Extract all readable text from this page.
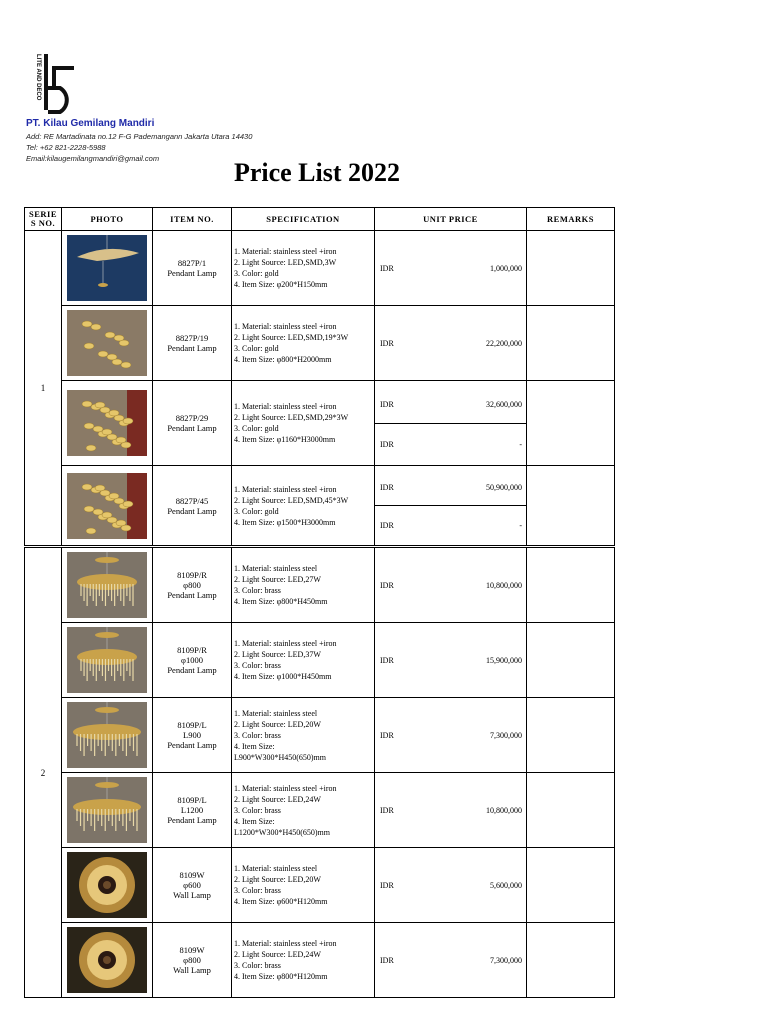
LITE AND DECO
PT. Kilau Gemilang Mandiri
Add: RE Martadinata no.12 F-G Pademangann Jakarta Utara 14430
Tel: +62 821-2228-5988
Email:kilaugemilangmandiri@gmail.com	Price List 2022
SERIE
S NO.	PHOTO	ITEM NO.	SPECIFICATION	UNIT PRICE	REMARKS
1		8827P/1
Pendant Lamp	1. Material: stainless steel +iron
2. Light Source: LED,SMD,3W
3. Color: gold
4. Item Size: φ200*H150mm	IDR 1,000,000	

8827P/19
Pendant Lamp	1. Material: stainless steel +iron
2. Light Source: LED,SMD,19*3W
3. Color: gold
4. Item Size: φ800*H2000mm	IDR 22,200,000	

8827P/29
Pendant Lamp	1. Material: stainless steel +iron
2. Light Source: LED,SMD,29*3W
3. Color: gold
4. Item Size: φ1160*H3000mm	IDR 32,600,000	

				IDR -	

8827P/45
Pendant Lamp	1. Material: stainless steel +iron
2. Light Source: LED,SMD,45*3W
3. Color: gold
4. Item Size: φ1500*H3000mm	IDR 50,900,000	

				IDR -	
2		8109P/R
φ800
Pendant Lamp	1. Material: stainless steel
2. Light Source: LED,27W
3. Color: brass
4. Item Size: φ800*H450mm	IDR 10,800,000	

8109P/R
φ1000
Pendant Lamp	1. Material: stainless steel +iron
2. Light Source: LED,37W
3. Color: brass
4. Item Size: φ1000*H450mm	IDR 15,900,000	

8109P/L
L900
Pendant Lamp	1. Material: stainless steel
2. Light Source: LED,20W
3. Color: brass
4. Item Size:
L900*W300*H450(650)mm	IDR 7,300,000	

8109P/L
L1200
Pendant Lamp	1. Material: stainless steel +iron
2. Light Source: LED,24W
3. Color: brass
4. Item Size:
L1200*W300*H450(650)mm	IDR 10,800,000	

8109W
φ600
Wall Lamp	1. Material: stainless steel
2. Light Source: LED,20W
3. Color: brass
4. Item Size: φ600*H120mm	IDR 5,600,000	

8109W
φ800
Wall Lamp	1. Material: stainless steel +iron
2. Light Source: LED,24W
3. Color: brass
4. Item Size: φ800*H120mm	IDR 7,300,000	
